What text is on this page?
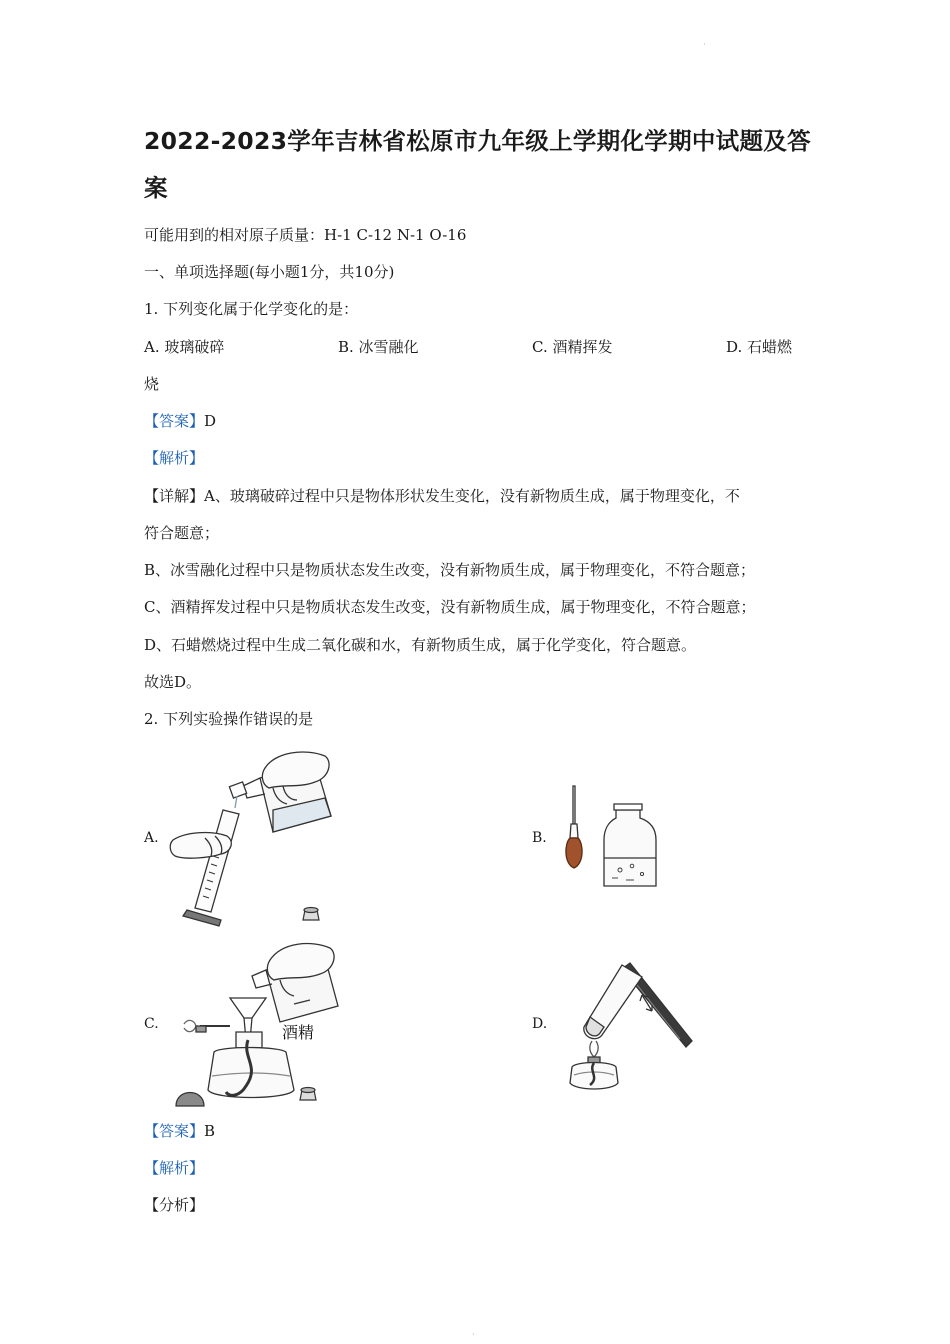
·
·
2022-2023学年吉林省松原市九年级上学期化学期中试题及答案
可能用到的相对原子质量：H-1 C-12 N-1 O-16
一、单项选择题(每小题1分，共10分)
1. 下列变化属于化学变化的是：
A. 玻璃破碎	B. 冰雪融化	C. 酒精挥发	D. 石蜡燃
烧
【答案】D
【解析】
【详解】A、玻璃破碎过程中只是物体形状发生变化，没有新物质生成，属于物理变化，不
符合题意；
B、冰雪融化过程中只是物质状态发生改变，没有新物质生成，属于物理变化，不符合题意；
C、酒精挥发过程中只是物质状态发生改变，没有新物质生成，属于物理变化，不符合题意；
D、石蜡燃烧过程中生成二氧化碳和水，有新物质生成，属于化学变化，符合题意。
故选D。
2. 下列实验操作错误的是
A.	B.
C.	D.
酒精
【答案】B
【解析】
【分析】
